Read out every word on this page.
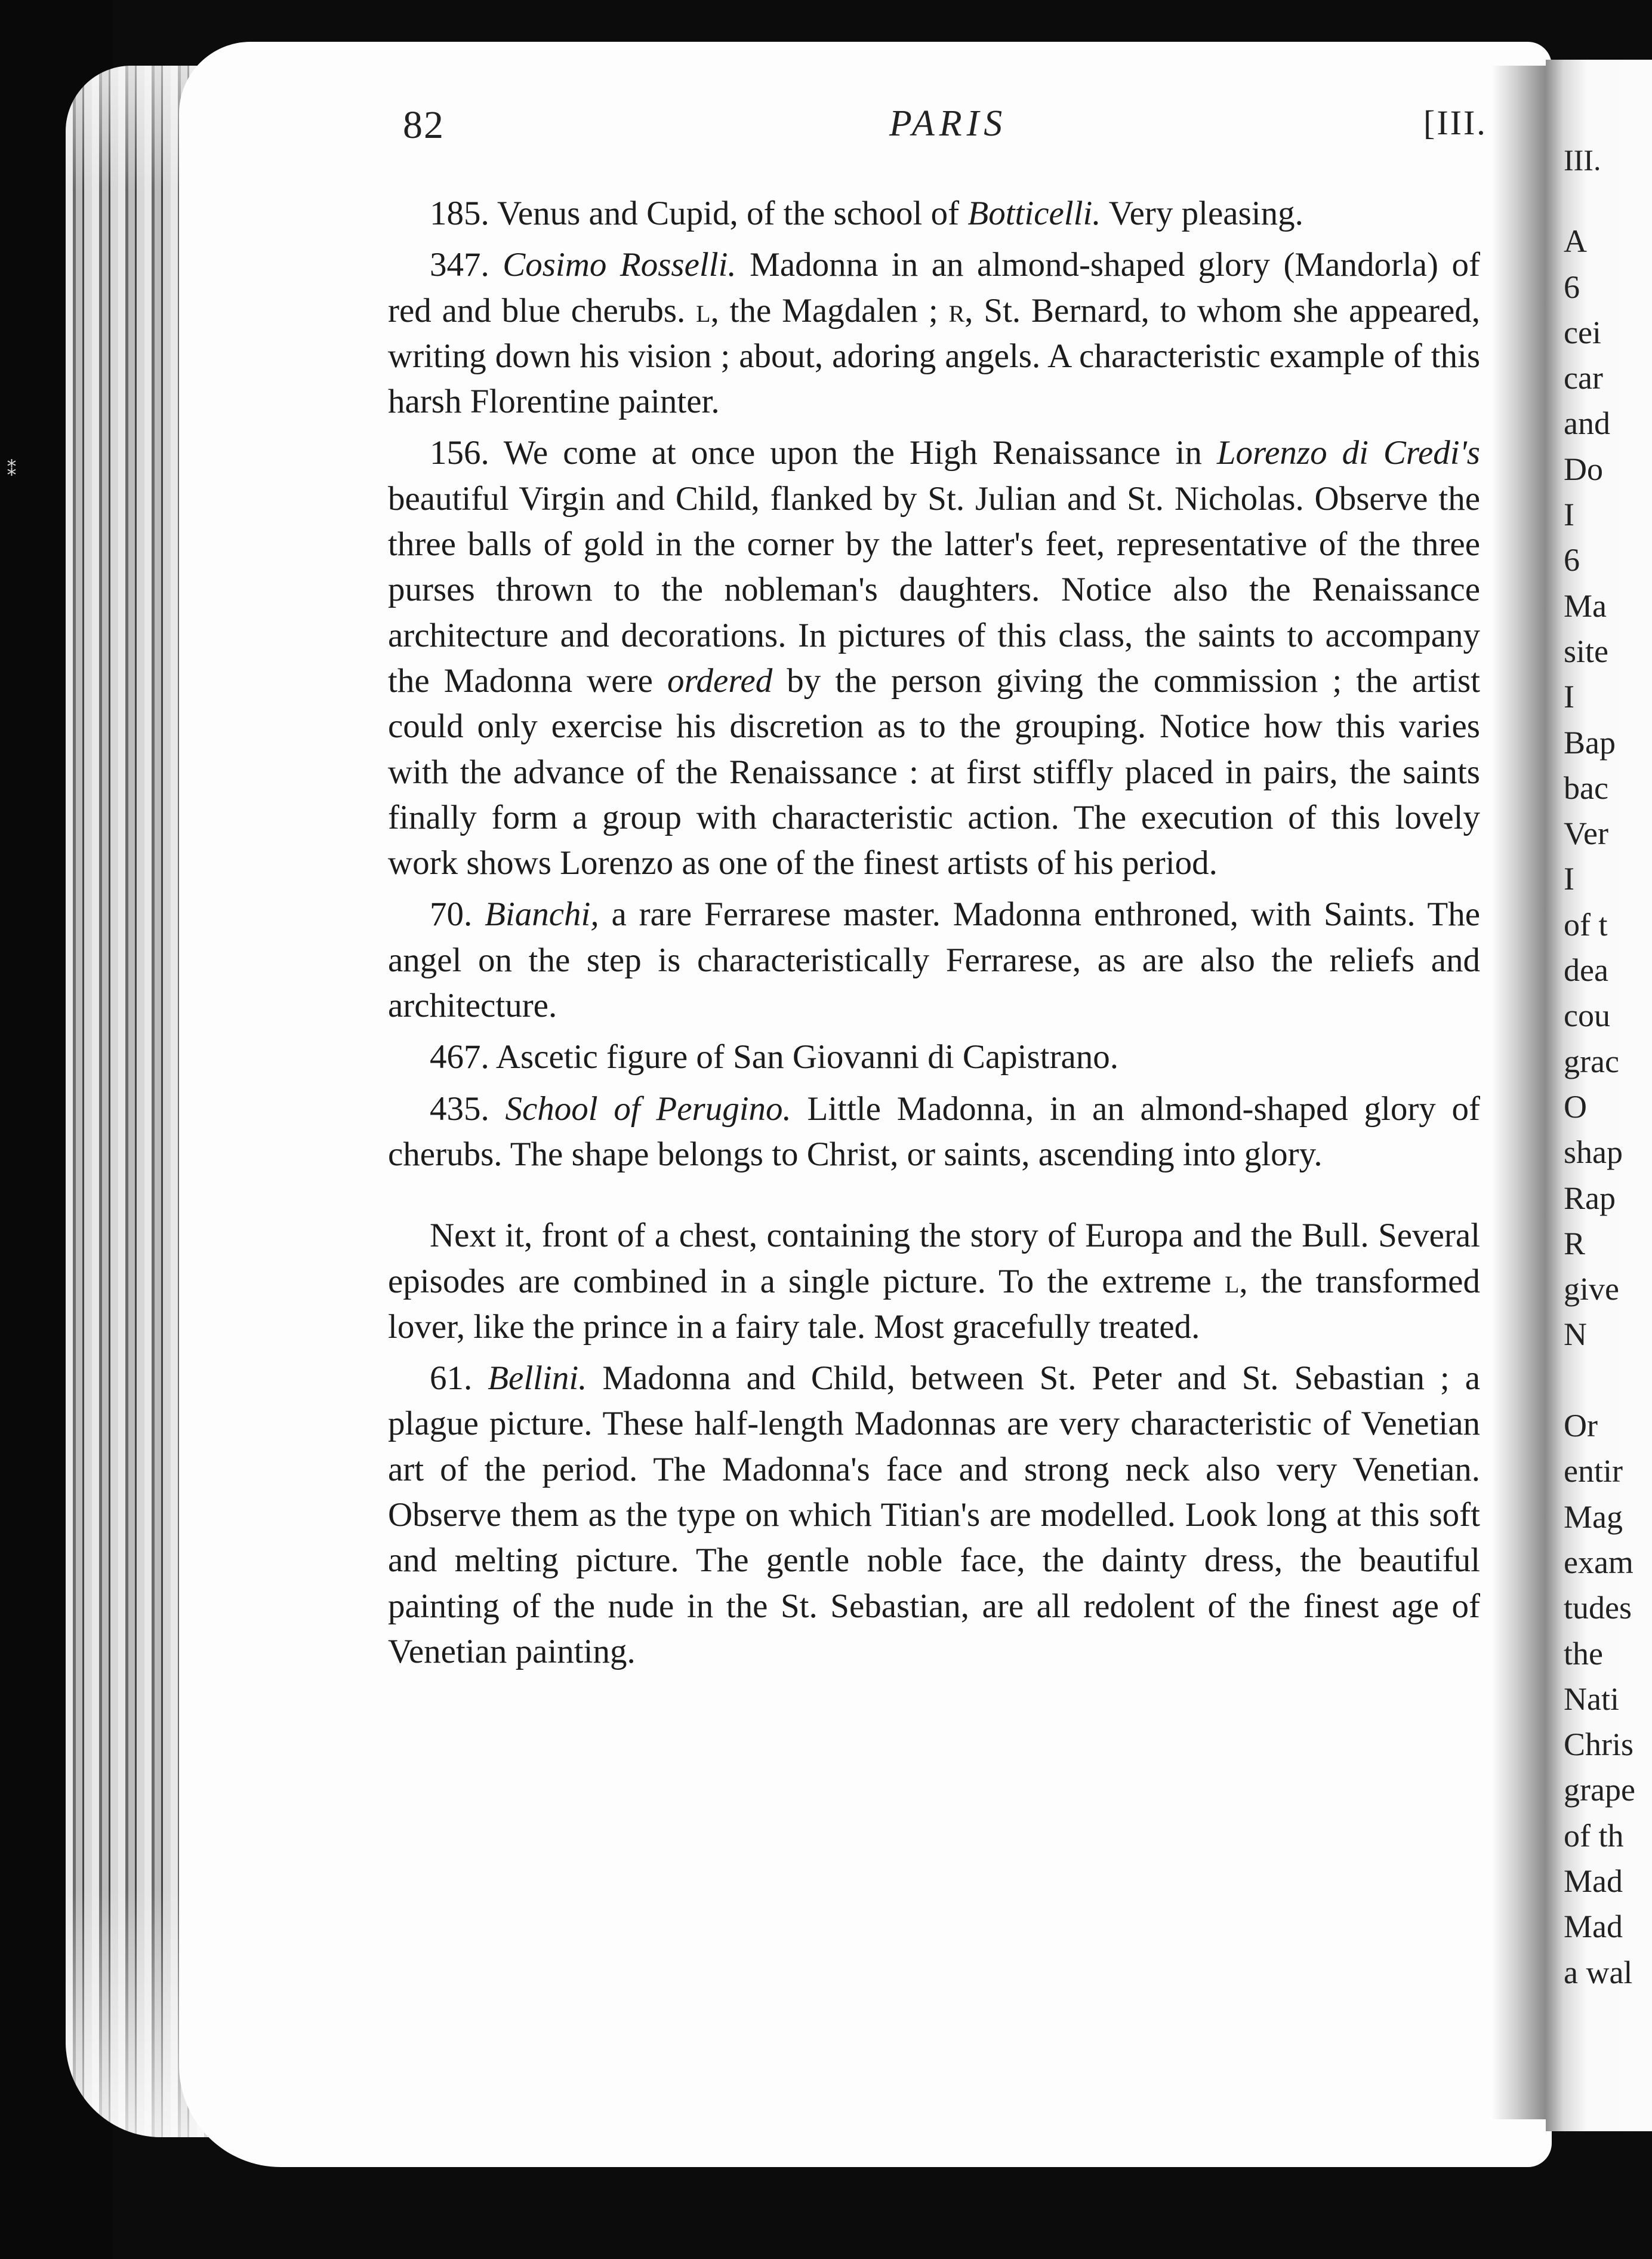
⁑
82	PARIS	[III.

185. Venus and Cupid, of the school of Botticelli. Very pleasing.

347. Cosimo Rosselli. Madonna in an almond-shaped glory (Mandorla) of red and blue cherubs. l, the Magdalen ; r, St. Bernard, to whom she appeared, writing down his vision ; about, adoring angels. A characteristic example of this harsh Florentine painter.

156. We come at once upon the High Renaissance in Lorenzo di Credi's beautiful Virgin and Child, flanked by St. Julian and St. Nicholas. Observe the three balls of gold in the corner by the latter's feet, representative of the three purses thrown to the nobleman's daughters. Notice also the Renaissance architecture and decorations. In pictures of this class, the saints to accompany the Madonna were ordered by the person giving the commission ; the artist could only exercise his discretion as to the grouping. Notice how this varies with the advance of the Renaissance : at first stiffly placed in pairs, the saints finally form a group with characteristic action. The execution of this lovely work shows Lorenzo as one of the finest artists of his period.

70. Bianchi, a rare Ferrarese master. Madonna enthroned, with Saints. The angel on the step is characteristically Ferrarese, as are also the reliefs and architecture.

467. Ascetic figure of San Giovanni di Capistrano.

435. School of Perugino. Little Madonna, in an almond-shaped glory of cherubs. The shape belongs to Christ, or saints, ascending into glory.

Next it, front of a chest, containing the story of Europa and the Bull. Several episodes are combined in a single picture. To the extreme l, the transformed lover, like the prince in a fairy tale. Most gracefully treated.

61. Bellini. Madonna and Child, between St. Peter and St. Sebastian ; a plague picture. These half-length Madonnas are very characteristic of Venetian art of the period. The Madonna's face and strong neck also very Venetian. Observe them as the type on which Titian's are modelled. Look long at this soft and melting picture. The gentle noble face, the dainty dress, the beautiful painting of the nude in the St. Sebastian, are all redolent of the finest age of Venetian painting.

III.
A
6
cei
car
and
Do
I
6
Ma
site
I
Bap
bac
Ver
I
of t
dea
cou
grac
O
shap
Rap
R
give
N
Or
entir
Mag
exam
tudes
the
Nati
Chris
grape
of th
Mad
Mad
a wal
